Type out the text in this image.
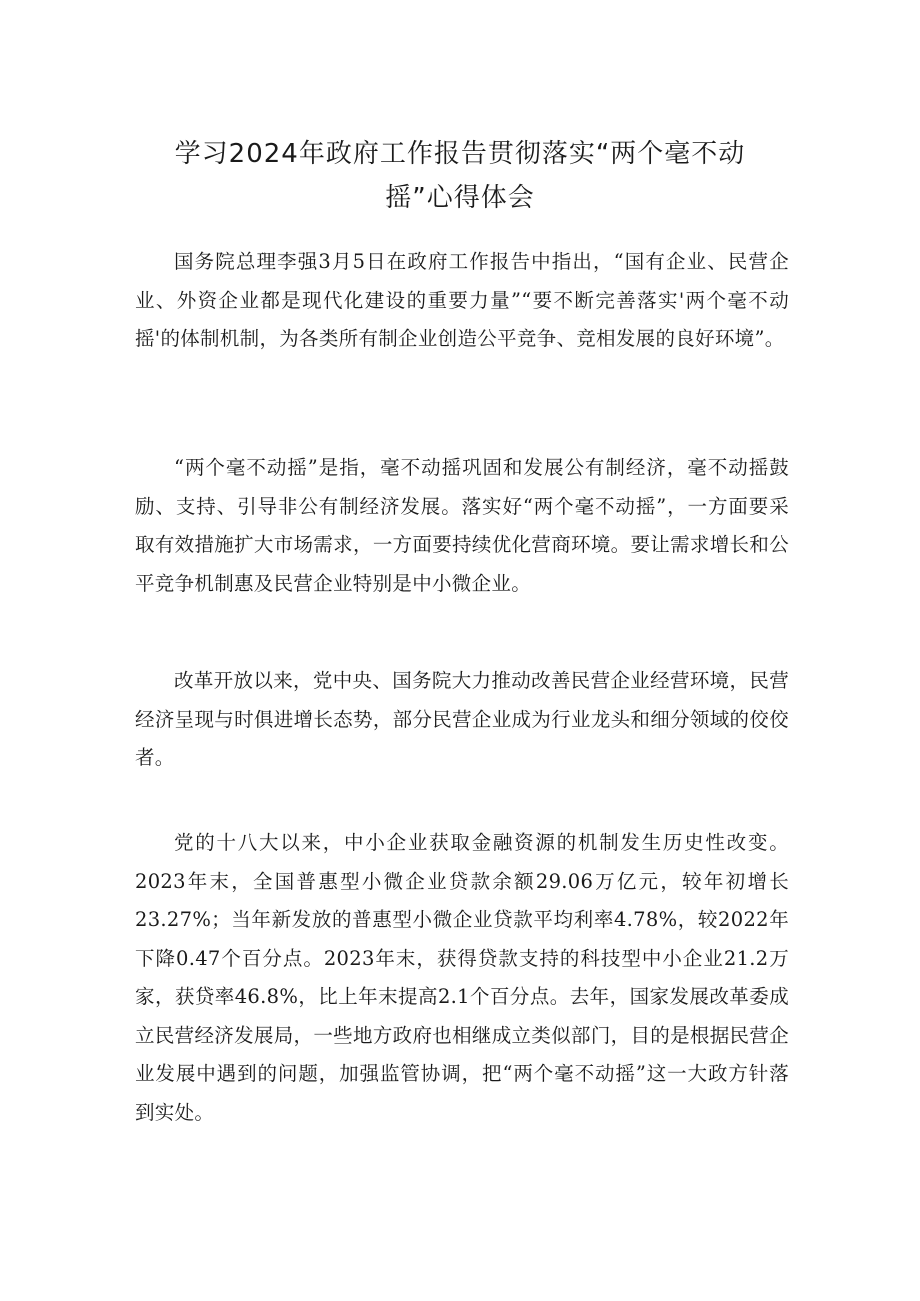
学习2024年政府工作报告贯彻落实“两个毫不动摇”心得体会

国务院总理李强3月5日在政府工作报告中指出，“国有企业、民营企业、外资企业都是现代化建设的重要力量”“要不断完善落实'两个毫不动摇'的体制机制，为各类所有制企业创造公平竞争、竞相发展的良好环境”。

“两个毫不动摇”是指，毫不动摇巩固和发展公有制经济，毫不动摇鼓励、支持、引导非公有制经济发展。落实好“两个毫不动摇”，一方面要采取有效措施扩大市场需求，一方面要持续优化营商环境。要让需求增长和公平竞争机制惠及民营企业特别是中小微企业。

改革开放以来，党中央、国务院大力推动改善民营企业经营环境，民营经济呈现与时俱进增长态势，部分民营企业成为行业龙头和细分领域的佼佼者。

党的十八大以来，中小企业获取金融资源的机制发生历史性改变。2023年末，全国普惠型小微企业贷款余额29.06万亿元，较年初增长23.27%；当年新发放的普惠型小微企业贷款平均利率4.78%，较2022年下降0.47个百分点。2023年末，获得贷款支持的科技型中小企业21.2万家，获贷率46.8%，比上年末提高2.1个百分点。去年，国家发展改革委成立民营经济发展局，一些地方政府也相继成立类似部门，目的是根据民营企业发展中遇到的问题，加强监管协调，把“两个毫不动摇”这一大政方针落到实处。
